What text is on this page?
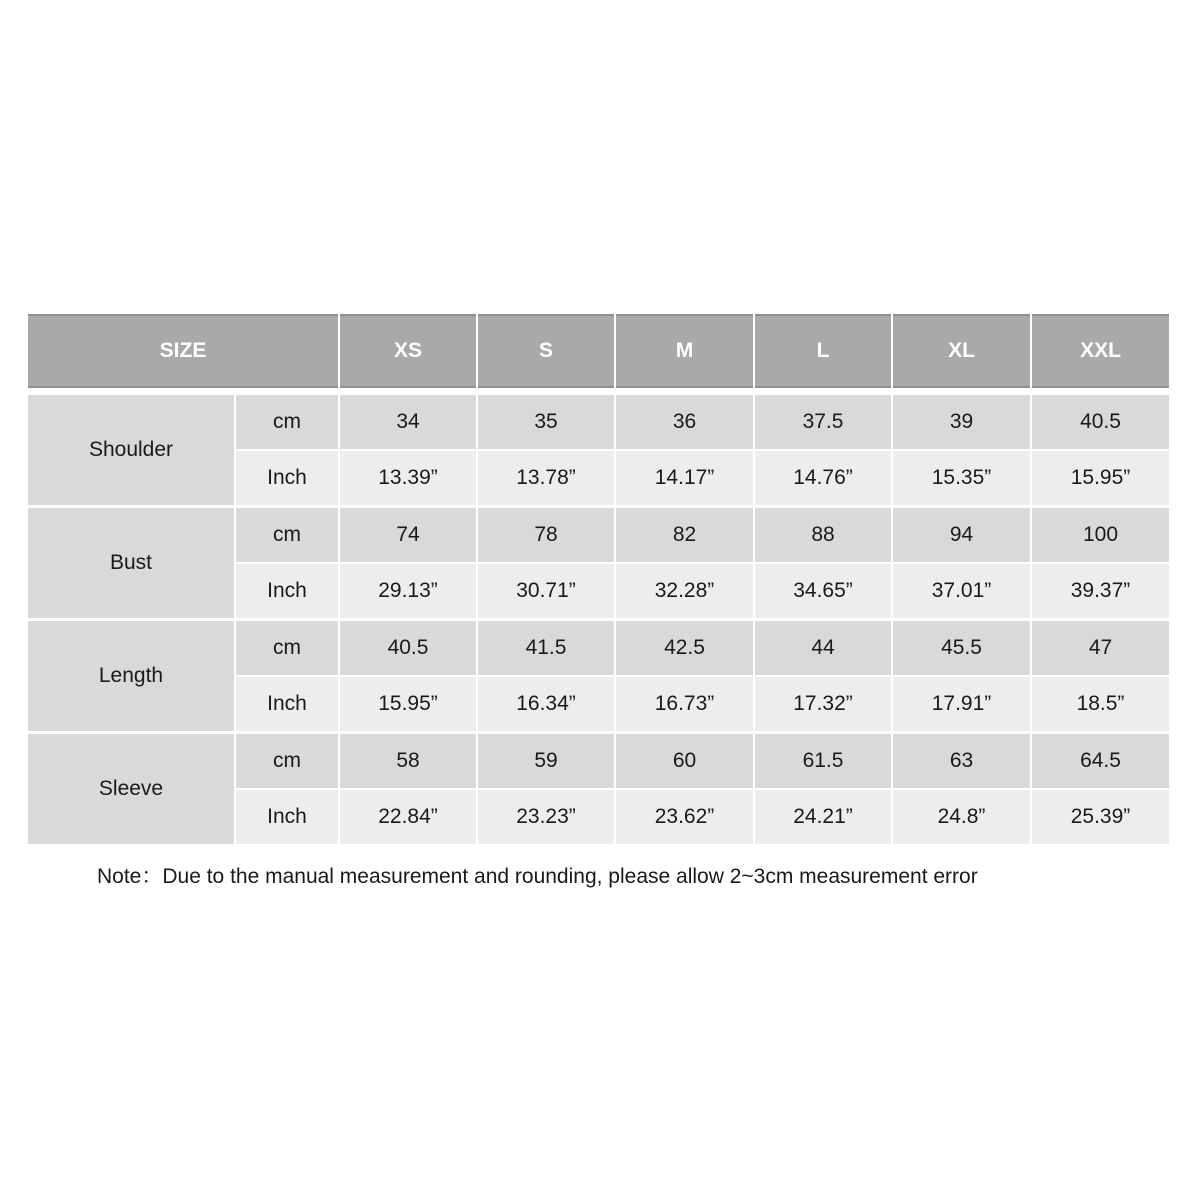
SIZE		XS	S	M	L	XL	XXL
Shoulder	cm	34	35	36	37.5	39	40.5
	Inch	13.39”	13.78”	14.17”	14.76”	15.35”	15.95”
Bust	cm	74	78	82	88	94	100
	Inch	29.13”	30.71”	32.28”	34.65”	37.01”	39.37”
Length	cm	40.5	41.5	42.5	44	45.5	47
	Inch	15.95”	16.34”	16.73”	17.32”	17.91”	18.5”
Sleeve	cm	58	59	60	61.5	63	64.5
	Inch	22.84”	23.23”	23.62”	24.21”	24.8”	25.39”
Note：Due to the manual measurement and rounding, please allow 2~3cm measurement error
